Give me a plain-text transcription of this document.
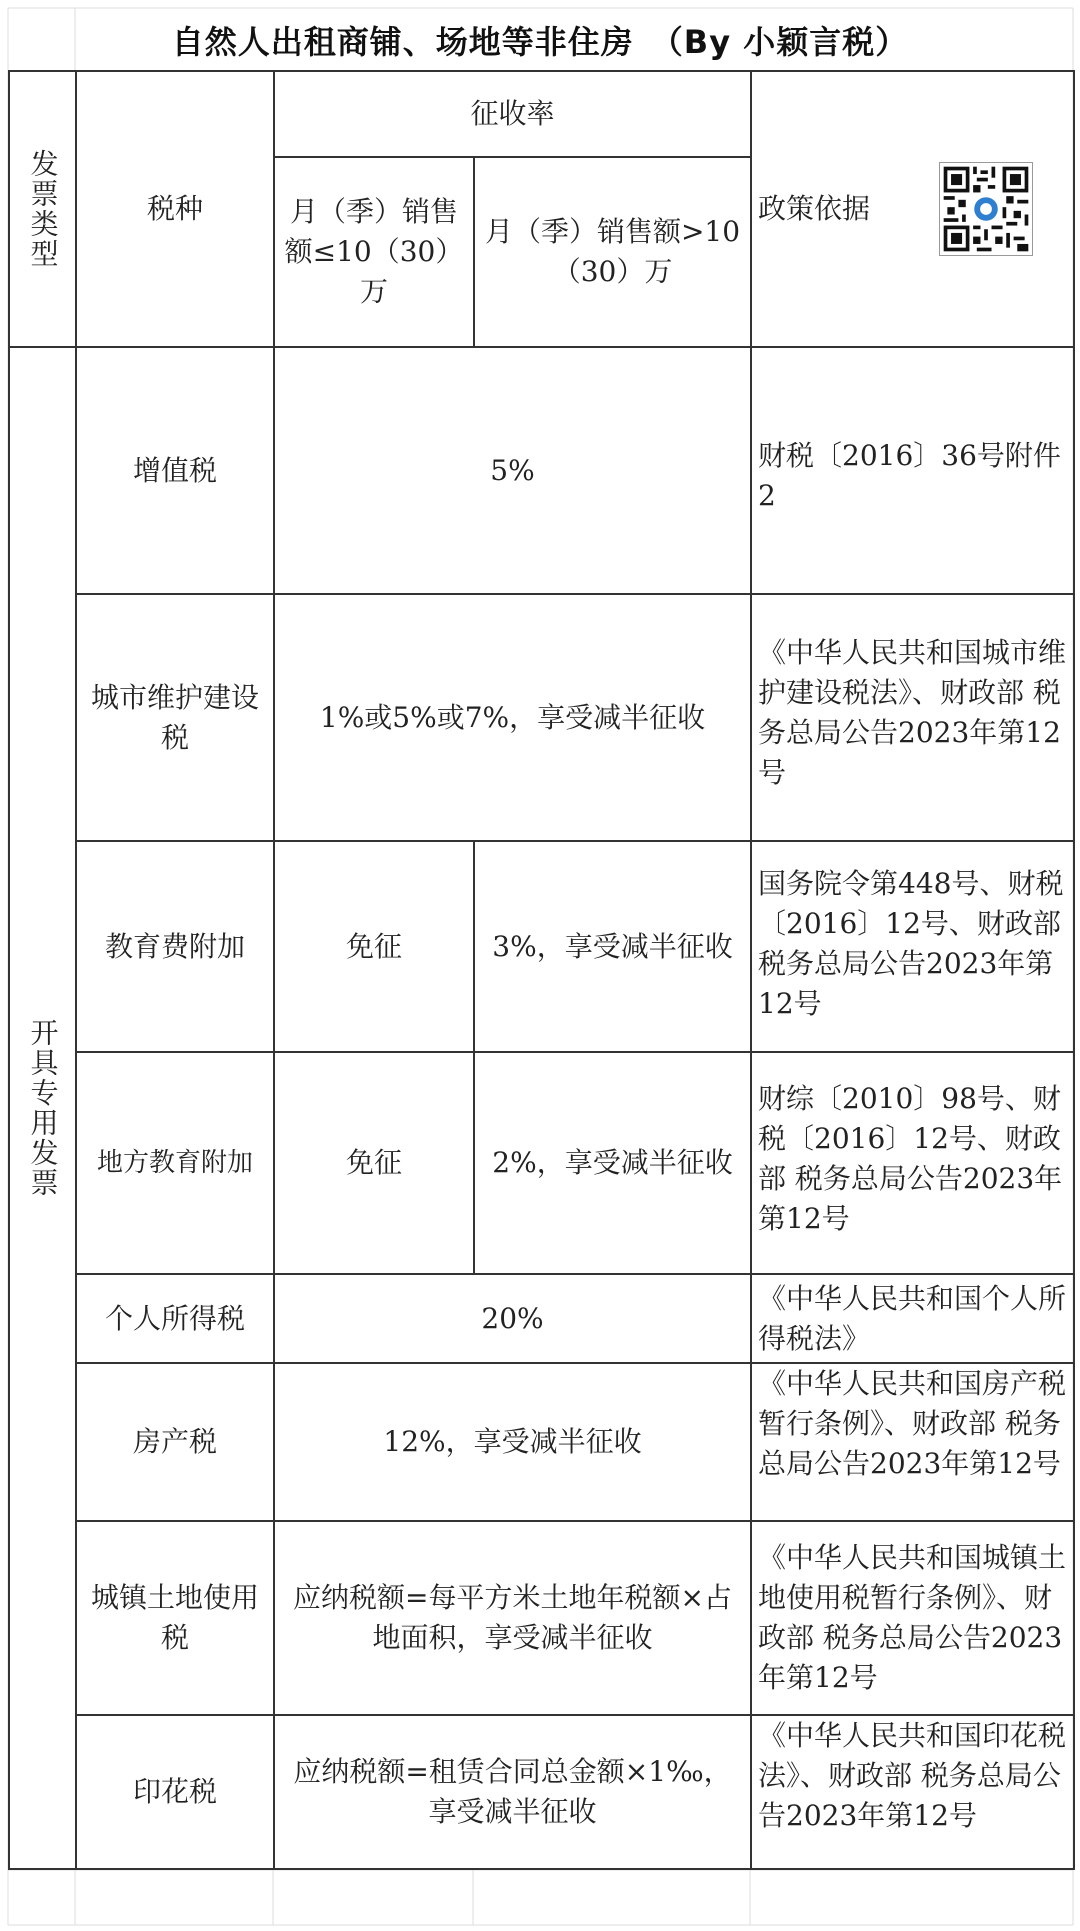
自然人出租商铺、场地等非住房　（By 小颖言税）
发票类型	税种	征收率		政策依据

		月（季）销售额≤10（30）万	月（季）销售额>10（30）万	

开具专用发票	增值税	5%		财税〔2016〕36号附件2
	城市维护建设税	1%或5%或7%，享受减半征收		《中华人民共和国城市维护建设税法》、财政部 税务总局公告2023年第12号
	教育费附加	免征	3%，享受减半征收	国务院令第448号、财税〔2016〕12号、财政部 税务总局公告2023年第12号
	地方教育附加	免征	2%，享受减半征收	财综〔2010〕98号、财税〔2016〕12号、财政部 税务总局公告2023年第12号
	个人所得税	20%		《中华人民共和国个人所得税法》
	房产税	12%，享受减半征收		《中华人民共和国房产税暂行条例》、财政部 税务总局公告2023年第12号
	城镇土地使用税	应纳税额=每平方米土地年税额×占地面积，享受减半征收		《中华人民共和国城镇土地使用税暂行条例》、财政部 税务总局公告2023年第12号
	印花税	应纳税额=租赁合同总金额×1‰，享受减半征收		《中华人民共和国印花税法》、财政部 税务总局公告2023年第12号
